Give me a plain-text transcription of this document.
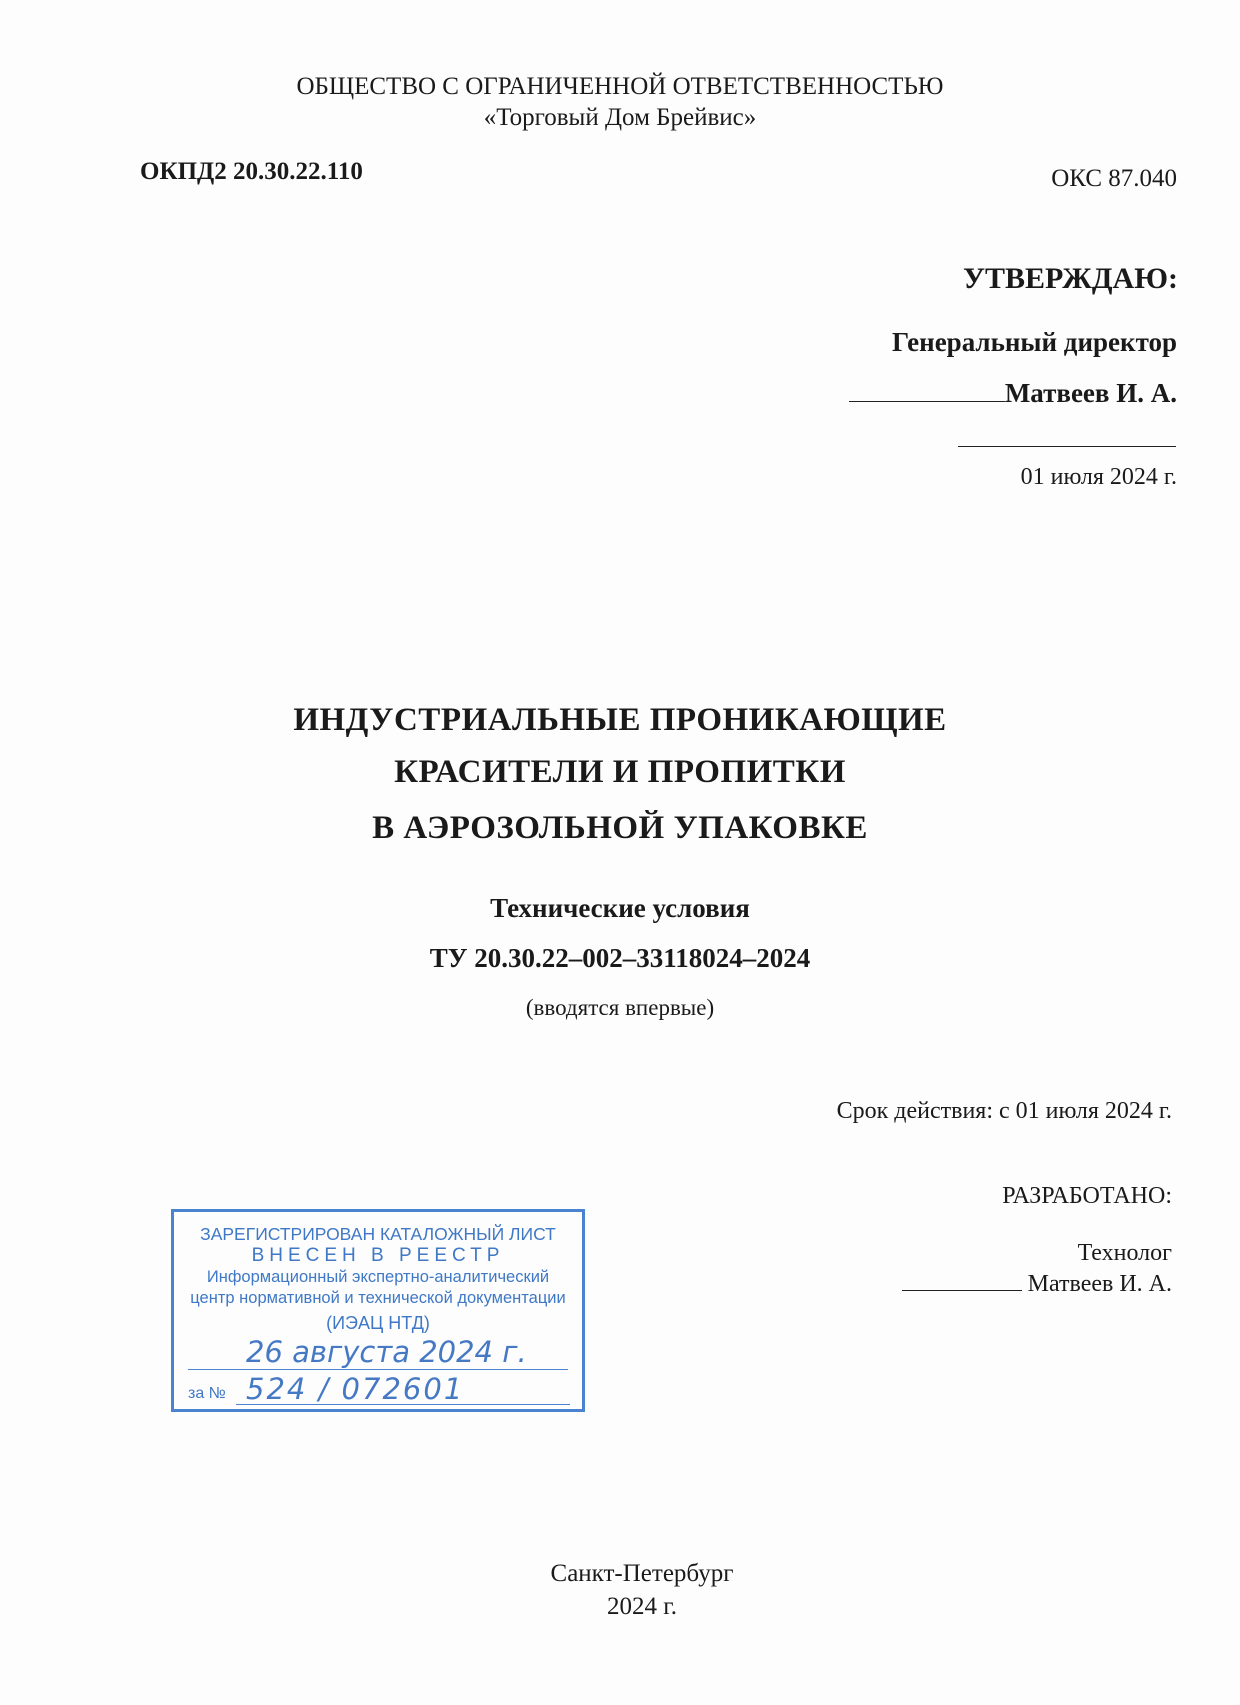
ОБЩЕСТВО С ОГРАНИЧЕННОЙ ОТВЕТСТВЕННОСТЬЮ

«Торговый Дом Брейвис»

ОКПД2 20.30.22.110	ОКС 87.040

УТВЕРЖДАЮ:

Генеральный директор

Матвеев И. А.

01 июля 2024 г.

ИНДУСТРИАЛЬНЫЕ ПРОНИКАЮЩИЕ

КРАСИТЕЛИ И ПРОПИТКИ

В АЭРОЗОЛЬНОЙ УПАКОВКЕ

Технические условия

ТУ 20.30.22–002–33118024–2024

(вводятся впервые)

Срок действия: с 01 июля 2024 г.

РАЗРАБОТАНО:

Технолог

Матвеев И. А.

ЗАРЕГИСТРИРОВАН КАТАЛОЖНЫЙ ЛИСТ
ВНЕСЕН В РЕЕСТР
Информационный экспертно-аналитический
центр нормативной и технической документации
(ИЭАЦ НТД)
26 августа 2024 г.
за № 524 / 072601

Санкт-Петербург

2024 г.
